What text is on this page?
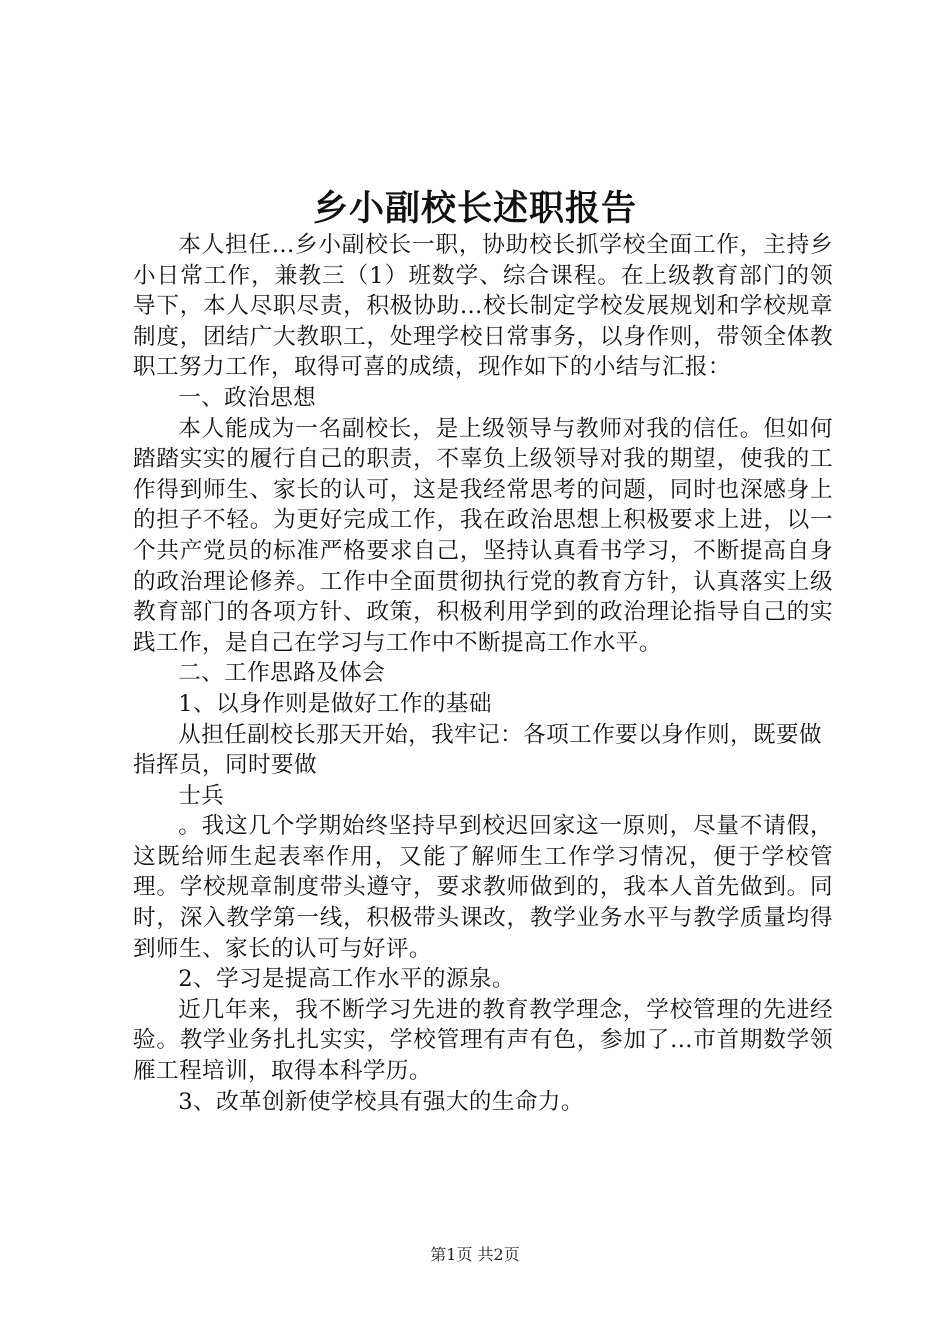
乡小副校长述职报告

本人担任...乡小副校长一职，协助校长抓学校全面工作，主持乡小日常工作，兼教三（1）班数学、综合课程。在上级教育部门的领导下，本人尽职尽责，积极协助...校长制定学校发展规划和学校规章制度，团结广大教职工，处理学校日常事务，以身作则，带领全体教职工努力工作，取得可喜的成绩，现作如下的小结与汇报：

一、政治思想

本人能成为一名副校长，是上级领导与教师对我的信任。但如何踏踏实实的履行自己的职责，不辜负上级领导对我的期望，使我的工作得到师生、家长的认可，这是我经常思考的问题，同时也深感身上的担子不轻。为更好完成工作，我在政治思想上积极要求上进，以一个共产党员的标准严格要求自己，坚持认真看书学习，不断提高自身的政治理论修养。工作中全面贯彻执行党的教育方针，认真落实上级教育部门的各项方针、政策，积极利用学到的政治理论指导自己的实践工作，是自己在学习与工作中不断提高工作水平。

二、工作思路及体会

1、以身作则是做好工作的基础

从担任副校长那天开始，我牢记：各项工作要以身作则，既要做指挥员，同时要做

士兵

。我这几个学期始终坚持早到校迟回家这一原则，尽量不请假，这既给师生起表率作用，又能了解师生工作学习情况，便于学校管理。学校规章制度带头遵守，要求教师做到的，我本人首先做到。同时，深入教学第一线，积极带头课改，教学业务水平与教学质量均得到师生、家长的认可与好评。

2、学习是提高工作水平的源泉。

近几年来，我不断学习先进的教育教学理念，学校管理的先进经验。教学业务扎扎实实，学校管理有声有色，参加了...市首期数学领雁工程培训，取得本科学历。

3、改革创新使学校具有强大的生命力。

第1页 共2页
